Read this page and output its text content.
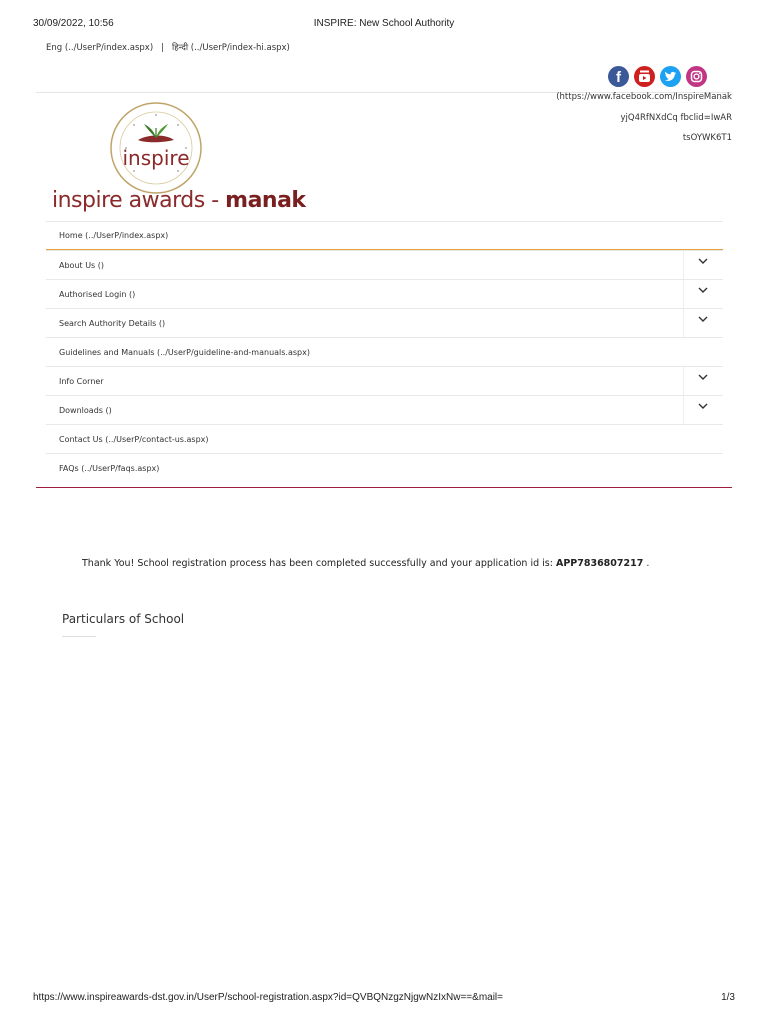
30/09/2022, 10:56	INSPIRE: New School Authority
Eng (../UserP/index.aspx) | हिन्दी (../UserP/index-hi.aspx)
f
(https://www.facebook.com/InspireManak
yjQ4RfNXdCq fbclid=IwAR
tsOYWK6T1
inspire
inspire awards - manak
Home (../UserP/index.aspx)
About Us ()
Authorised Login ()
Search Authority Details ()
Guidelines and Manuals (../UserP/guideline-and-manuals.aspx)
Info Corner
Downloads ()
Contact Us (../UserP/contact-us.aspx)
FAQs (../UserP/faqs.aspx)
Thank You! School registration process has been completed successfully and your application id is: APP7836807217 .
Particulars of School
https://www.inspireawards-dst.gov.in/UserP/school-registration.aspx?id=QVBQNzgzNjgwNzIxNw==&mail=	1/3
